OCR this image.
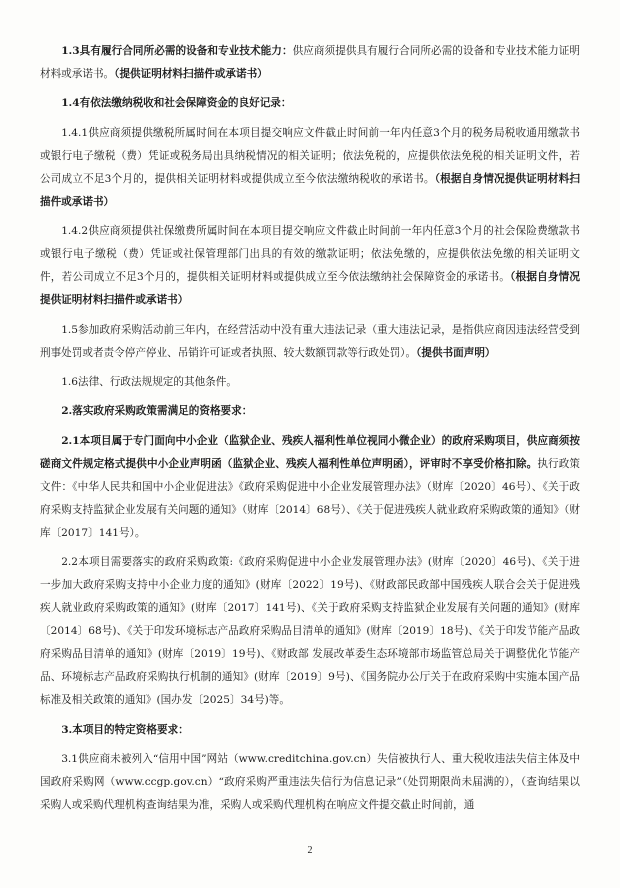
1.3具有履行合同所必需的设备和专业技术能力：供应商须提供具有履行合同所必需的设备和专业技术能力证明材料或承诺书。（提供证明材料扫描件或承诺书）

1.4有依法缴纳税收和社会保障资金的良好记录：

1.4.1供应商须提供缴税所属时间在本项目提交响应文件截止时间前一年内任意3个月的税务局税收通用缴款书或银行电子缴税（费）凭证或税务局出具纳税情况的相关证明；依法免税的，应提供依法免税的相关证明文件，若公司成立不足3个月的，提供相关证明材料或提供成立至今依法缴纳税收的承诺书。（根据自身情况提供证明材料扫描件或承诺书）

1.4.2供应商须提供社保缴费所属时间在本项目提交响应文件截止时间前一年内任意3个月的社会保险费缴款书或银行电子缴税（费）凭证或社保管理部门出具的有效的缴款证明；依法免缴的，应提供依法免缴的相关证明文件，若公司成立不足3个月的，提供相关证明材料或提供成立至今依法缴纳社会保障资金的承诺书。（根据自身情况提供证明材料扫描件或承诺书）

1.5参加政府采购活动前三年内，在经营活动中没有重大违法记录（重大违法记录，是指供应商因违法经营受到刑事处罚或者责令停产停业、吊销许可证或者执照、较大数额罚款等行政处罚）。（提供书面声明）

1.6法律、行政法规规定的其他条件。

2.落实政府采购政策需满足的资格要求：

2.1本项目属于专门面向中小企业（监狱企业、残疾人福利性单位视同小微企业）的政府采购项目，供应商须按磋商文件规定格式提供中小企业声明函（监狱企业、残疾人福利性单位声明函），评审时不享受价格扣除。执行政策文件：《中华人民共和国中小企业促进法》《政府采购促进中小企业发展管理办法》（财库〔2020〕46号）、《关于政府采购支持监狱企业发展有关问题的通知》（财库〔2014〕68号）、《关于促进残疾人就业政府采购政策的通知》（财库〔2017〕141号）。

2.2本项目需要落实的政府采购政策:《政府采购促进中小企业发展管理办法》(财库〔2020〕46号)、《关于进一步加大政府采购支持中小企业力度的通知》(财库〔2022〕19号)、《财政部民政部中国残疾人联合会关于促进残疾人就业政府采购政策的通知》(财库〔2017〕141号)、《关于政府采购支持监狱企业发展有关问题的通知》(财库〔2014〕68号)、《关于印发环境标志产品政府采购品目清单的通知》(财库〔2019〕18号)、《关于印发节能产品政府采购品目清单的通知》(财库〔2019〕19号)、《财政部 发展改革委生态环境部市场监管总局关于调整优化节能产品、环境标志产品政府采购执行机制的通知》(财库〔2019〕9号)、《国务院办公厅关于在政府采购中实施本国产品标准及相关政策的通知》(国办发〔2025〕34号)等。

3.本项目的特定资格要求：

3.1供应商未被列入“信用中国”网站（www.creditchina.gov.cn）失信被执行人、重大税收违法失信主体及中国政府采购网（www.ccgp.gov.cn）“政府采购严重违法失信行为信息记录”（处罚期限尚未届满的），（查询结果以采购人或采购代理机构查询结果为准，采购人或采购代理机构在响应文件提交截止时间前，通

2
